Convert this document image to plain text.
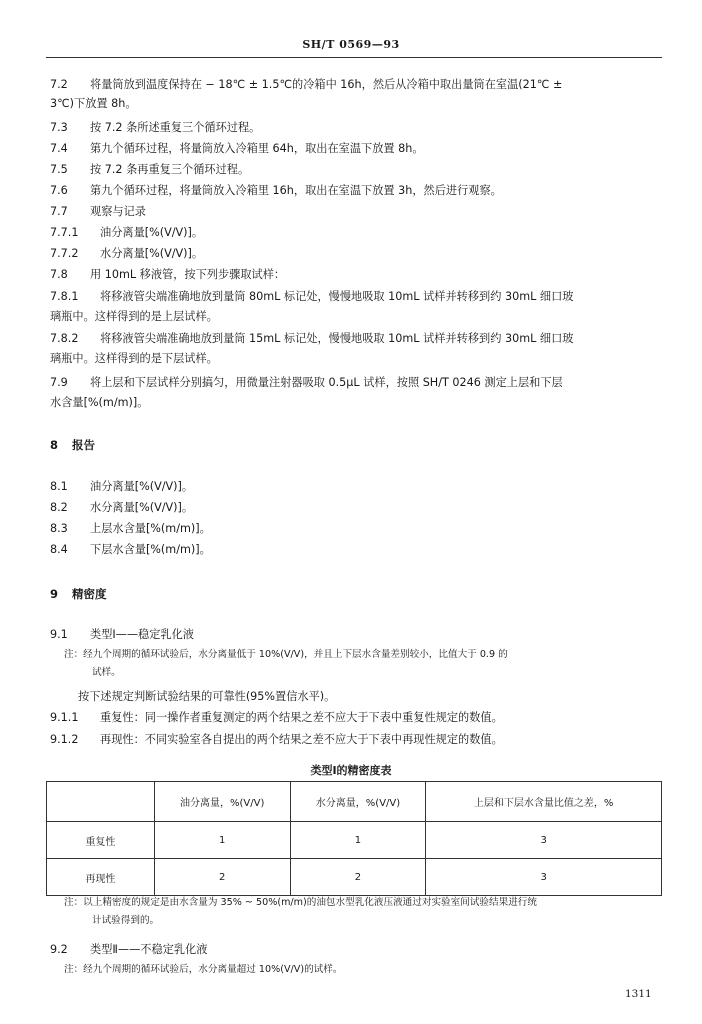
SH/T 0569—93
7.2 将量筒放到温度保持在 − 18℃ ± 1.5℃的冷箱中 16h，然后从冷箱中取出量筒在室温(21℃ ±
3℃)下放置 8h。
7.3 按 7.2 条所述重复三个循环过程。
7.4 第九个循环过程，将量筒放入冷箱里 64h，取出在室温下放置 8h。
7.5 按 7.2 条再重复三个循环过程。
7.6 第九个循环过程，将量筒放入冷箱里 16h，取出在室温下放置 3h，然后进行观察。
7.7 观察与记录
7.7.1 油分离量[%(V/V)]。
7.7.2 水分离量[%(V/V)]。
7.8 用 10mL 移液管，按下列步骤取试样：
7.8.1 将移液管尖端准确地放到量筒 80mL 标记处，慢慢地吸取 10mL 试样并转移到约 30mL 细口玻
璃瓶中。这样得到的是上层试样。
7.8.2 将移液管尖端准确地放到量筒 15mL 标记处，慢慢地吸取 10mL 试样并转移到约 30mL 细口玻
璃瓶中。这样得到的是下层试样。
7.9 将上层和下层试样分别搞匀，用微量注射器吸取 0.5μL 试样，按照 SH/T 0246 测定上层和下层
水含量[%(m/m)]。
8 报告
8.1 油分离量[%(V/V)]。
8.2 水分离量[%(V/V)]。
8.3 上层水含量[%(m/m)]。
8.4 下层水含量[%(m/m)]。
9 精密度
9.1 类型Ⅰ——稳定乳化液
注：经九个周期的循环试验后，水分离量低于 10%(V/V)，并且上下层水含量差别较小，比值大于 0.9 的
试样。
按下述规定判断试验结果的可靠性(95%置信水平)。
9.1.1 重复性：同一操作者重复测定的两个结果之差不应大于下表中重复性规定的数值。
9.1.2 再现性：不同实验室各自提出的两个结果之差不应大于下表中再现性规定的数值。
类型Ⅰ的精密度表
	油分离量，%(V/V)	水分离量，%(V/V)	上层和下层水含量比值之差，%
重复性	1	1	3
再现性	2	2	3
注：以上精密度的规定是由水含量为 35% ~ 50%(m/m)的油包水型乳化液压液通过对实验室间试验结果进行统
计试验得到的。
9.2 类型Ⅱ——不稳定乳化液
注：经九个周期的循环试验后，水分离量超过 10%(V/V)的试样。
1311
